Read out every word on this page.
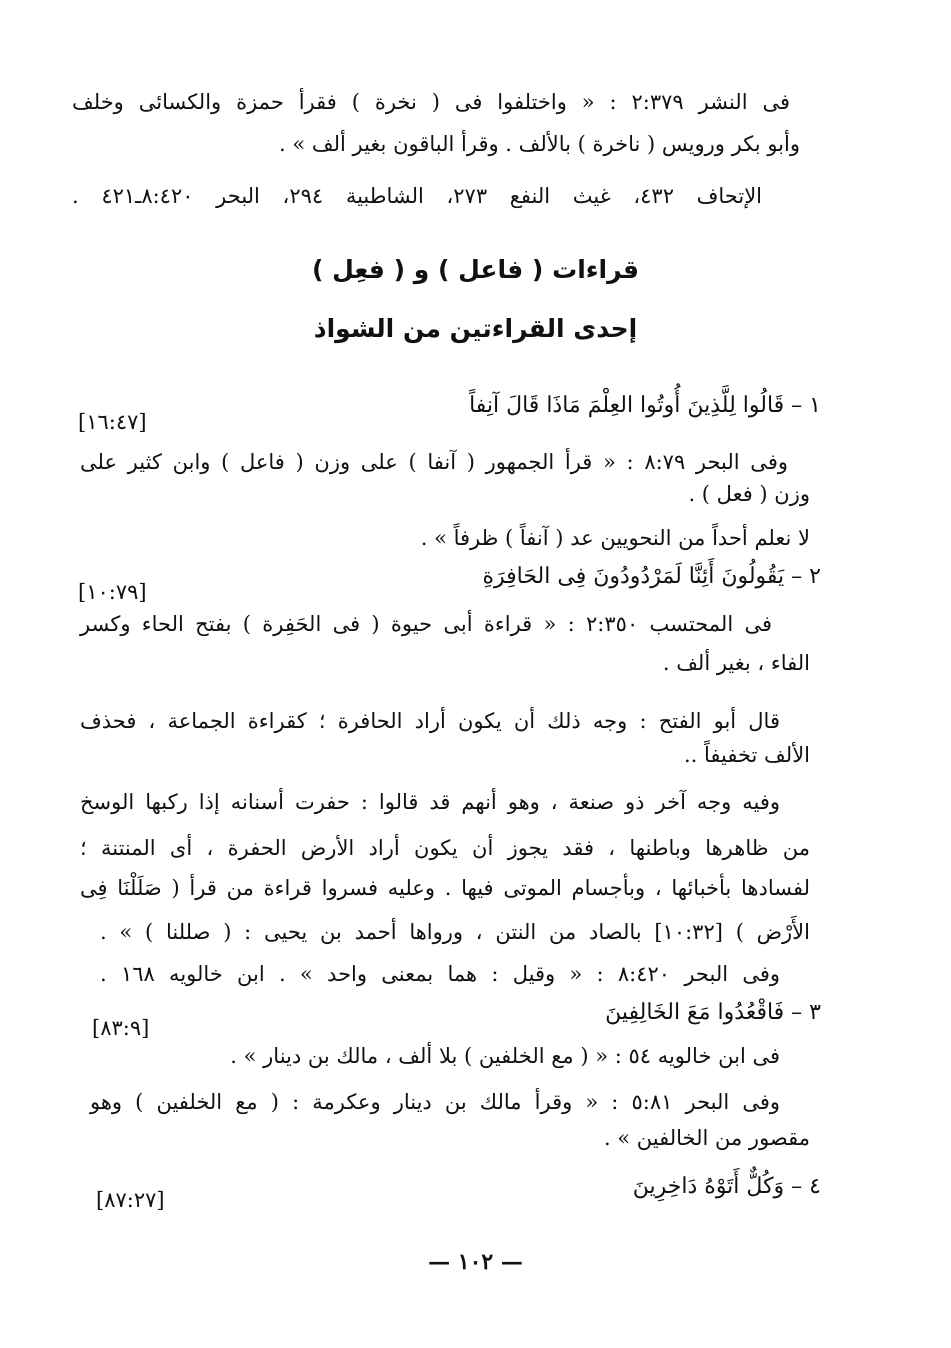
فى النشر ٢:٣٧٩ : « واختلفوا فى ( نخرة ) فقرأ حمزة والكسائى وخلف
وأبو بكر ورويس ( ناخرة ) بالألف . وقرأ الباقون بغير ألف » .
الإتحاف ٤٣٢، غيث النفع ٢٧٣، الشاطبية ٢٩٤، البحر ٨:٤٢٠ـ٤٢١ .
قراءات ( فاعل ) و ( فعِل )
إحدى القراءتين من الشواذ
١ – قَالُوا لِلَّذِينَ أُوتُوا العِلْمَ مَاذَا قَالَ آنِفاً
[١٦:٤٧]
وفى البحر ٨:٧٩ : « قرأ الجمهور ( آنفا ) على وزن ( فاعل ) وابن كثير على
وزن ( فعل ) .
لا نعلم أحداً من النحويين عد ( آنفاً ) ظرفاً » .
٢ – يَقُولُونَ أَئِنَّا لَمَرْدُودُونَ فِى الحَافِرَةِ
[١٠:٧٩]
فى المحتسب ٢:٣٥٠ : « قراءة أبى حيوة ( فى الحَفِرة ) بفتح الحاء وكسر
الفاء ، بغير ألف .
قال أبو الفتح : وجه ذلك أن يكون أراد الحافرة ؛ كقراءة الجماعة ، فحذف
الألف تخفيفاً ..
وفيه وجه آخر ذو صنعة ، وهو أنهم قد قالوا : حفرت أسنانه إذا ركبها الوسخ
من ظاهرها وباطنها ، فقد يجوز أن يكون أراد الأرض الحفرة ، أى المنتنة ؛
لفسادها بأخبائها ، وبأجسام الموتى فيها . وعليه فسروا قراءة من قرأ ( صَلَلْنَا فِى
الأَرْض ) [١٠:٣٢] بالصاد من النتن ، ورواها أحمد بن يحيى : ( صللنا ) » .
وفى البحر ٨:٤٢٠ : « وقيل : هما بمعنى واحد » . ابن خالويه ١٦٨ .
٣ – فَاقْعُدُوا مَعَ الخَالِفِينَ
[٨٣:٩]
فى ابن خالويه ٥٤ : « ( مع الخلفين ) بلا ألف ، مالك بن دينار » .
وفى البحر ٥:٨١ : « وقرأ مالك بن دينار وعكرمة : ( مع الخلفين ) وهو
مقصور من الخالفين » .
٤ – وَكُلٌّ أَتَوْهُ دَاخِرِينَ
[٨٧:٢٧]
— ١٠٢ —
